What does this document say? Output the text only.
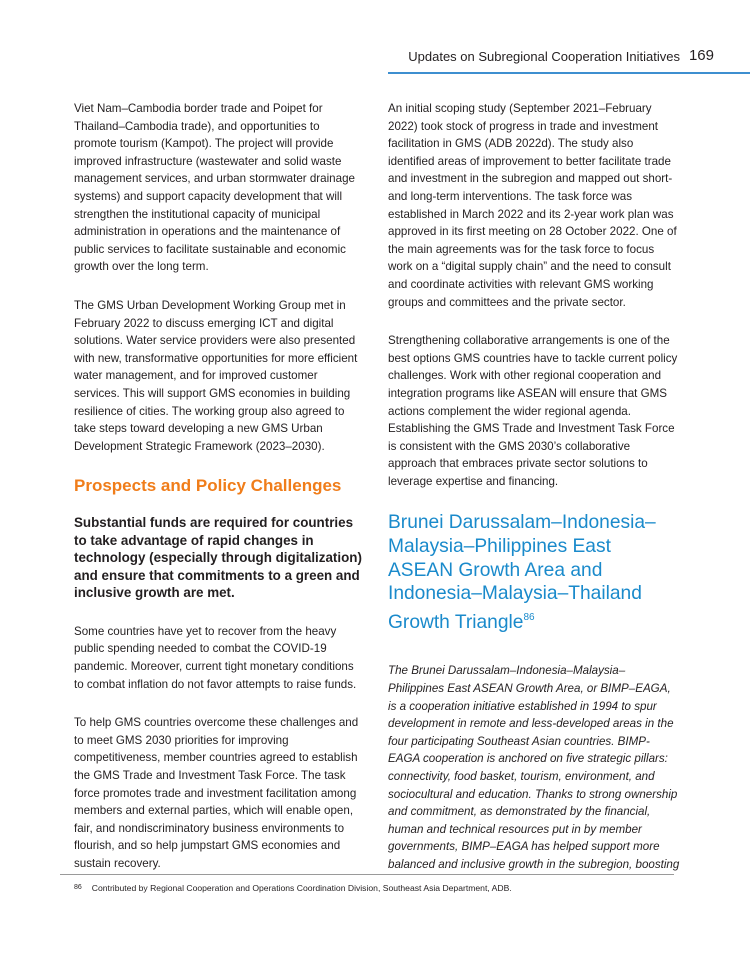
Updates on Subregional Cooperation Initiatives 169

Viet Nam–Cambodia border trade and Poipet for Thailand–Cambodia trade), and opportunities to promote tourism (Kampot). The project will provide improved infrastructure (wastewater and solid waste management services, and urban stormwater drainage systems) and support capacity development that will strengthen the institutional capacity of municipal administration in operations and the maintenance of public services to facilitate sustainable and economic growth over the long term.

The GMS Urban Development Working Group met in February 2022 to discuss emerging ICT and digital solutions. Water service providers were also presented with new, transformative opportunities for more efficient water management, and for improved customer services. This will support GMS economies in building resilience of cities. The working group also agreed to take steps toward developing a new GMS Urban Development Strategic Framework (2023–2030).

Prospects and Policy Challenges

Substantial funds are required for countries to take advantage of rapid changes in technology (especially through digitalization) and ensure that commitments to a green and inclusive growth are met.

Some countries have yet to recover from the heavy public spending needed to combat the COVID-19 pandemic. Moreover, current tight monetary conditions to combat inflation do not favor attempts to raise funds.

To help GMS countries overcome these challenges and to meet GMS 2030 priorities for improving competitiveness, member countries agreed to establish the GMS Trade and Investment Task Force. The task force promotes trade and investment facilitation among members and external parties, which will enable open, fair, and nondiscriminatory business environments to flourish, and so help jumpstart GMS economies and sustain recovery.

An initial scoping study (September 2021–February 2022) took stock of progress in trade and investment facilitation in GMS (ADB 2022d). The study also identified areas of improvement to better facilitate trade and investment in the subregion and mapped out short- and long-term interventions. The task force was established in March 2022 and its 2-year work plan was approved in its first meeting on 28 October 2022. One of the main agreements was for the task force to focus work on a “digital supply chain” and the need to consult and coordinate activities with relevant GMS working groups and committees and the private sector.

Strengthening collaborative arrangements is one of the best options GMS countries have to tackle current policy challenges. Work with other regional cooperation and integration programs like ASEAN will ensure that GMS actions complement the wider regional agenda. Establishing the GMS Trade and Investment Task Force is consistent with the GMS 2030’s collaborative approach that embraces private sector solutions to leverage expertise and financing.

Brunei Darussalam–Indonesia–Malaysia–Philippines East ASEAN Growth Area and Indonesia–Malaysia–Thailand Growth Triangle$^{86}$

The Brunei Darussalam–Indonesia–Malaysia–Philippines East ASEAN Growth Area, or BIMP–EAGA, is a cooperation initiative established in 1994 to spur development in remote and less-developed areas in the four participating Southeast Asian countries. BIMP-EAGA cooperation is anchored on five strategic pillars: connectivity, food basket, tourism, environment, and sociocultural and education. Thanks to strong ownership and commitment, as demonstrated by the financial, human and technical resources put in by member governments, BIMP–EAGA has helped support more balanced and inclusive growth in the subregion, boosting

$^{86}$ Contributed by Regional Cooperation and Operations Coordination Division, Southeast Asia Department, ADB.
